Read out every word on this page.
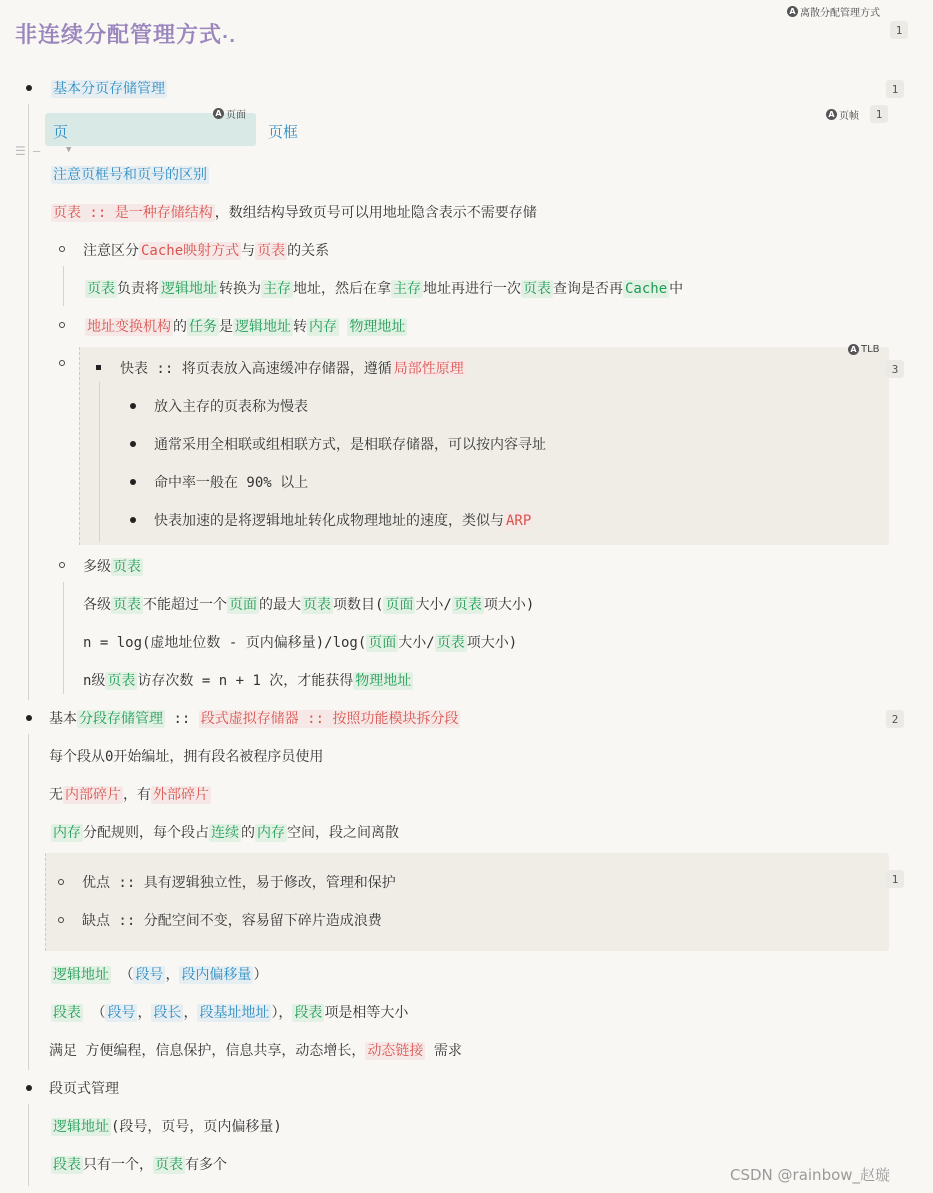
非连续分配管理方式·.
A 离散分配管理方式
1
基本分页存储管理	1
页
A 页面
页框
A 页帧	1
☰ —	▼
注意页框号和页号的区别
页表 :: 是一种存储结构 ，数组结构导致页号可以用地址隐含表示不需要存储
注意区分 Cache映射方式 与 页表 的关系
页表 负责将 逻辑地址 转换为 主存 地址，然后在拿 主存 地址再进行一次 页表 查询是否再 Cache 中
地址变换机构 的 任务 是 逻辑地址 转 内存 物理地址
A TLB
3
快表 :: 将页表放入高速缓冲存储器，遵循 局部性原理
放入主存的页表称为慢表
通常采用全相联或组相联方式，是相联存储器，可以按内容寻址
命中率一般在 90% 以上
快表加速的是将逻辑地址转化成物理地址的速度，类似与 ARP
多级 页表
各级 页表 不能超过一个 页面 的最大 页表 项数目( 页面 大小/ 页表 项大小)
n = log(虚地址位数 - 页内偏移量)/log( 页面 大小/ 页表 项大小)
n级 页表 访存次数 = n + 1 次，才能获得 物理地址
基本 分段存储管理 :: 段式虚拟存储器 :: 按照功能模块拆分段	2
每个段从0开始编址，拥有段名被程序员使用
无 内部碎片 ，有 外部碎片
内存 分配规则，每个段占 连续 的 内存 空间，段之间离散
1
优点 :: 具有逻辑独立性，易于修改，管理和保护
缺点 :: 分配空间不变，容易留下碎片造成浪费
逻辑地址 （ 段号 ， 段内偏移量 ）
段表 （ 段号 ， 段长 ， 段基址地址 ）， 段表 项是相等大小
满足 方便编程，信息保护，信息共享，动态增长， 动态链接 需求
段页式管理
逻辑地址 (段号，页号，页内偏移量)
段表 只有一个， 页表 有多个
CSDN @rainbow_赵璇
